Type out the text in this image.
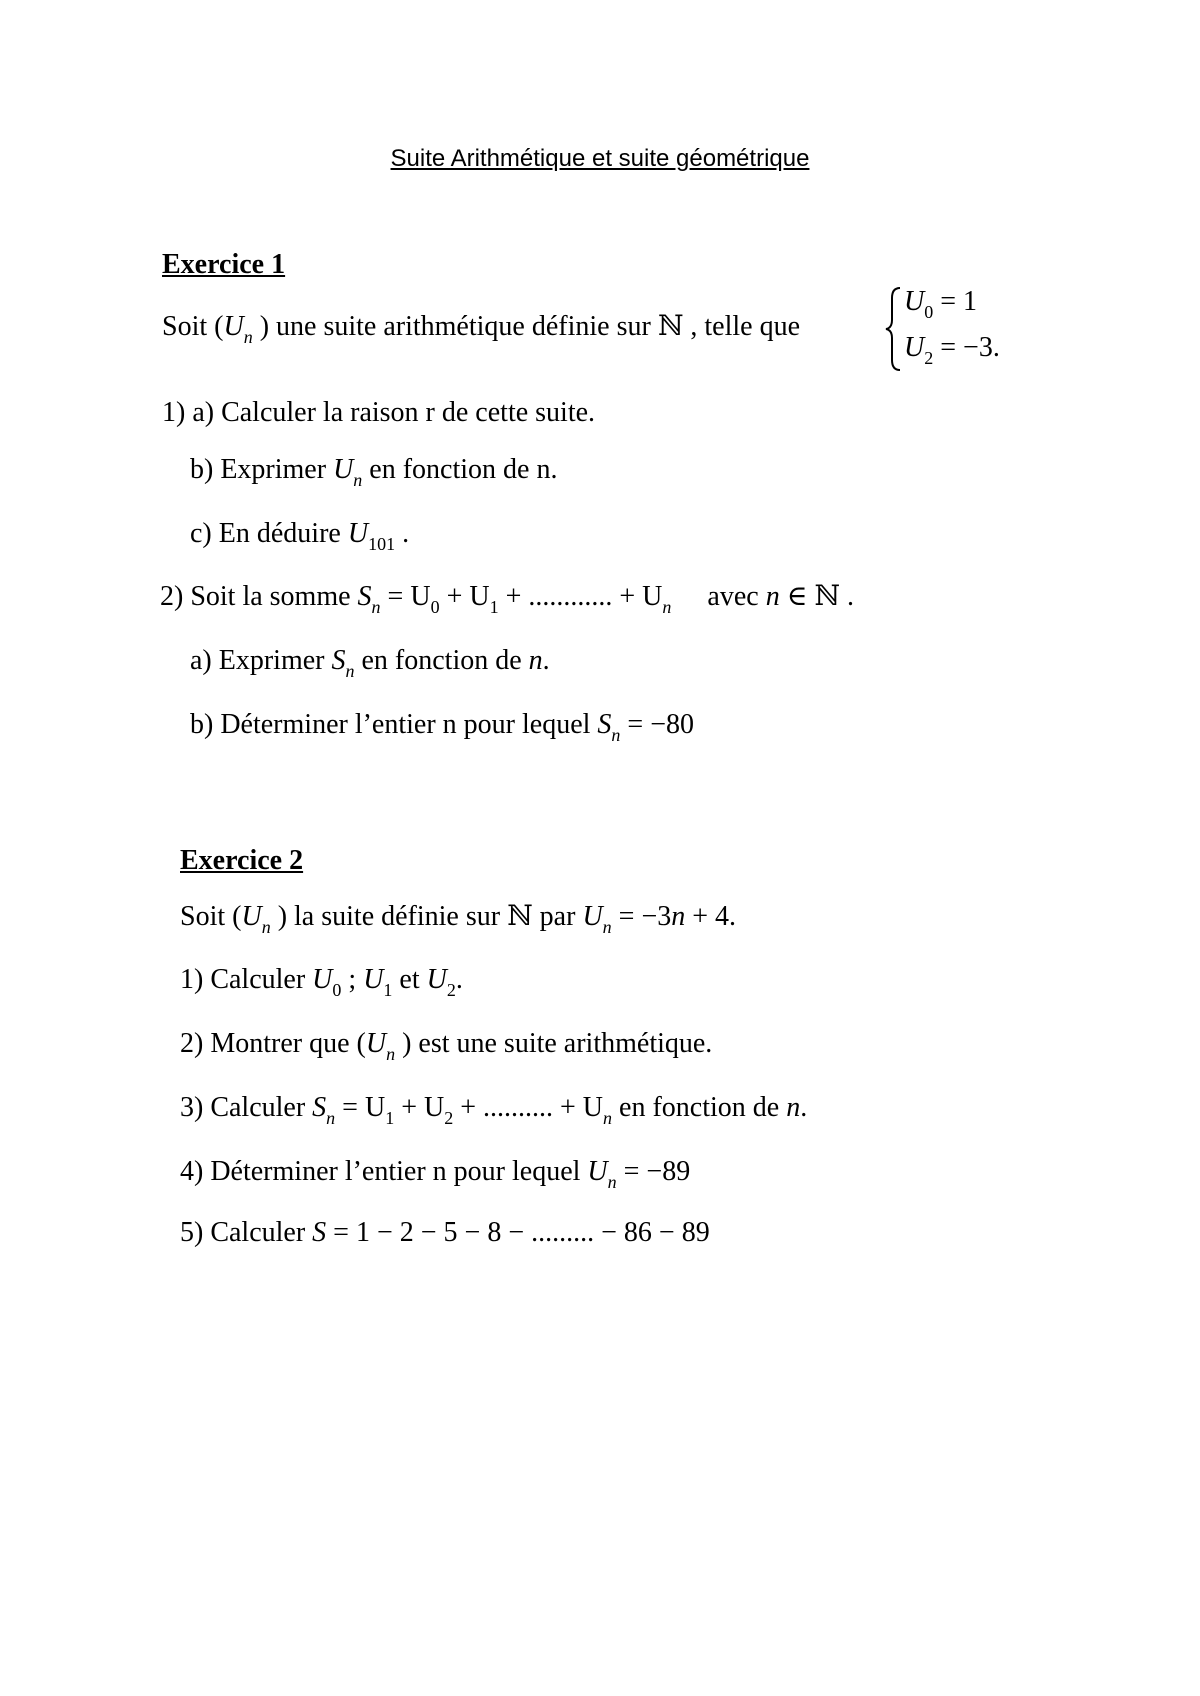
Suite Arithmétique et suite géométrique
Exercice 1
Soit ($U_n$ ) une suite arithmétique définie sur ℕ , telle que
$U_0 = 1$
$U_2 = -3$.
1) a) Calculer la raison r de cette suite.
b) Exprimer $U_n$ en fonction de n.
c) En déduire $U_{101}$ .
2) Soit la somme $S_n = U_0 + U_1$ + ............ + $U_n$ avec n ∈ ℕ .
a) Exprimer $S_n$ en fonction de n.
b) Déterminer l’entier n pour lequel $S_n = -80$
Exercice 2
Soit ($U_n$ ) la suite définie sur ℕ par $U_n = -3n + 4$.
1) Calculer $U_0$ ; $U_1$ et $U_2$.
2) Montrer que ($U_n$ ) est une suite arithmétique.
3) Calculer $S_n = U_1 + U_2$ + .......... + $U_n$ en fonction de n.
4) Déterminer l’entier n pour lequel $U_n = -89$
5) Calculer S = 1 − 2 − 5 − 8 − ......... − 86 − 89
